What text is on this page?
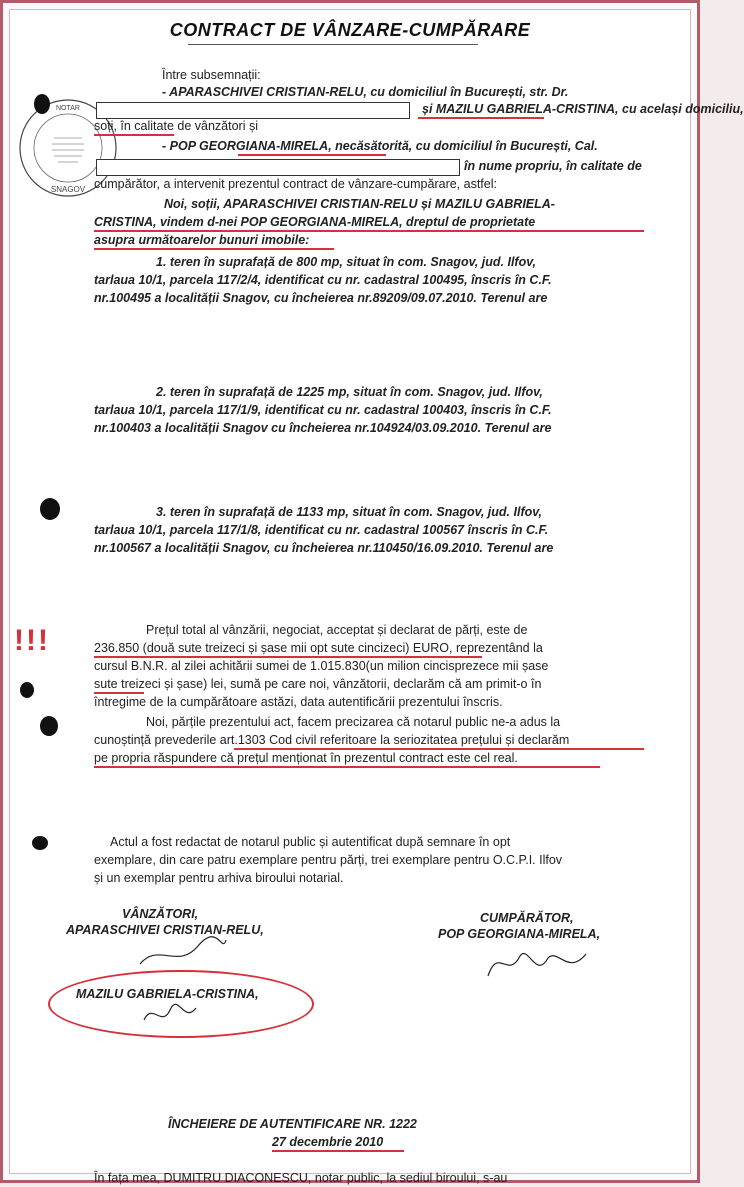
CONTRACT DE VÂNZARE-CUMPĂRARE
NOTAR
SNAGOV
Între subsemnații:
- APARASCHIVEI CRISTIAN-RELU, cu domiciliul în București, str. Dr.
și MAZILU GABRIELA-CRISTINA, cu același domiciliu,
soți, în calitate de vânzători și
- POP GEORGIANA-MIRELA, necăsătorită, cu domiciliul în București, Cal.
în nume propriu, în calitate de
cumpărător, a intervenit prezentul contract de vânzare-cumpărare, astfel:
Noi, soții, APARASCHIVEI CRISTIAN-RELU și MAZILU GABRIELA-
CRISTINA, vindem d-nei POP GEORGIANA-MIRELA, dreptul de proprietate
asupra următoarelor bunuri imobile:
1. teren în suprafață de 800 mp, situat în com. Snagov, jud. Ilfov,
tarlaua 10/1, parcela 117/2/4, identificat cu nr. cadastral 100495, înscris în C.F.
nr.100495 a localității Snagov, cu încheierea nr.89209/09.07.2010. Terenul are
2. teren în suprafață de 1225 mp, situat în com. Snagov, jud. Ilfov,
tarlaua 10/1, parcela 117/1/9, identificat cu nr. cadastral 100403, înscris în C.F.
nr.100403 a localității Snagov cu încheierea nr.104924/03.09.2010. Terenul are
3. teren în suprafață de 1133 mp, situat în com. Snagov, jud. Ilfov,
tarlaua 10/1, parcela 117/1/8, identificat cu nr. cadastral 100567 înscris în C.F.
nr.100567 a localității Snagov, cu încheierea nr.110450/16.09.2010. Terenul are
!!!	Prețul total al vânzării, negociat, acceptat și declarat de părți, este de
236.850 (două sute treizeci și șase mii opt sute cincizeci) EURO, reprezentând la
cursul B.N.R. al zilei achitării sumei de 1.015.830(un milion cincisprezece mii șase
sute treizeci și șase) lei, sumă pe care noi, vânzătorii, declarăm că am primit-o în
întregime de la cumpărătoare astăzi, data autentificării prezentului înscris.
Noi, părțile prezentului act, facem precizarea că notarul public ne-a adus la
cunoștință prevederile art.1303 Cod civil referitoare la seriozitatea prețului și declarăm
pe propria răspundere că prețul menționat în prezentul contract este cel real.
Actul a fost redactat de notarul public și autentificat după semnare în opt
exemplare, din care patru exemplare pentru părți, trei exemplare pentru O.C.P.I. Ilfov
și un exemplar pentru arhiva biroului notarial.
VÂNZĂTORI,
APARASCHIVEI CRISTIAN-RELU,
MAZILU GABRIELA-CRISTINA,
CUMPĂRĂTOR,
POP GEORGIANA-MIRELA,
ÎNCHEIERE DE AUTENTIFICARE NR. 1222
27 decembrie 2010
În fața mea, DUMITRU DIACONESCU, notar public, la sediul biroului, s-au
